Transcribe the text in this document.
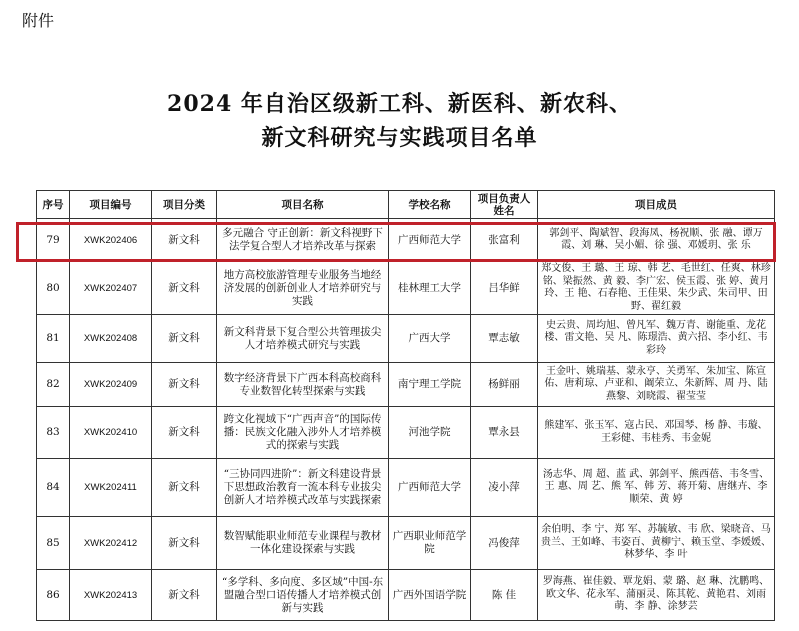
附件
2024 年自治区级新工科、新医科、新农科、
新文科研究与实践项目名单
序号	项目编号	项目分类	项目名称	学校名称	项目负责人姓名	项目成员
79	XWK202406	新文科	多元融合 守正创新：新文科视野下法学复合型人才培养改革与探索	广西师范大学	张富利	郭剑平、陶斌智、段海凤、杨祝顺、张 融、谭万霞、刘 琳、吴小媚、徐 强、邓媛玥、张 乐
80	XWK202407	新文科	地方高校旅游管理专业服务当地经济发展的创新创业人才培养研究与实践	桂林理工大学	吕华鲜	郑文俊、王 璐、王 琼、韩 艺、毛世红、任爽、林珍铭、梁振然、黄 毅、李广宏、侯玉霞、张 婷、黄月玲、王 艳、石春艳、王佳果、朱少武、朱司甲、田 野、翟红毅
81	XWK202408	新文科	新文科背景下复合型公共管理拔尖人才培养模式研究与实践	广西大学	覃志敏	史云贵、周均旭、曾凡军、魏万青、谢能重、龙花楼、雷文艳、吴 凡、陈璟浩、黄六招、李小红、韦彩玲
82	XWK202409	新文科	数字经济背景下广西本科高校商科专业数智化转型探索与实践	南宁理工学院	杨鲜丽	王金叶、姚瑞基、蒙永亨、关勇军、朱加宝、陈宣佑、唐莉琼、卢亚和、阚荣立、朱新辉、周 丹、陆燕黎、刘晓霞、翟莹莹
83	XWK202410	新文科	跨文化视域下“广西声音”的国际传播：民族文化融入涉外人才培养模式的探索与实践	河池学院	覃永县	熊建军、张玉军、寇占民、邓国琴、杨 静、韦璇、王彩健、韦桂秀、韦金妮
84	XWK202411	新文科	“三协同四进阶”：新文科建设背景下思想政治教育一流本科专业拔尖创新人才培养模式改革与实践探索	广西师范大学	凌小萍	汤志华、周 超、蓝 武、郭剑平、熊西蓓、韦冬雪、王 惠、周 艺、熊 军、韩 芳、蒋开菊、唐继卉、李顺荣、黄 婷
85	XWK202412	新文科	数智赋能职业师范专业课程与教材一体化建设探索与实践	广西职业师范学院	冯俊萍	余伯明、李 宁、郑 军、苏毓敏、韦 欣、梁晓音、马贵兰、王如峰、韦姿百、黄柳宁、赖玉堂、李媛媛、林梦华、李 叶
86	XWK202413	新文科	“多学科、多向度、多区域”中国-东盟融合型口语传播人才培养模式创新与实践	广西外国语学院	陈 佳	罗海燕、崔佳毅、覃龙娟、蒙 璐、赵 琳、沈鹏鸣、欧文华、花永军、蒲丽灵、陈其乾、黄艳君、刘雨萌、李 静、涂梦芸
